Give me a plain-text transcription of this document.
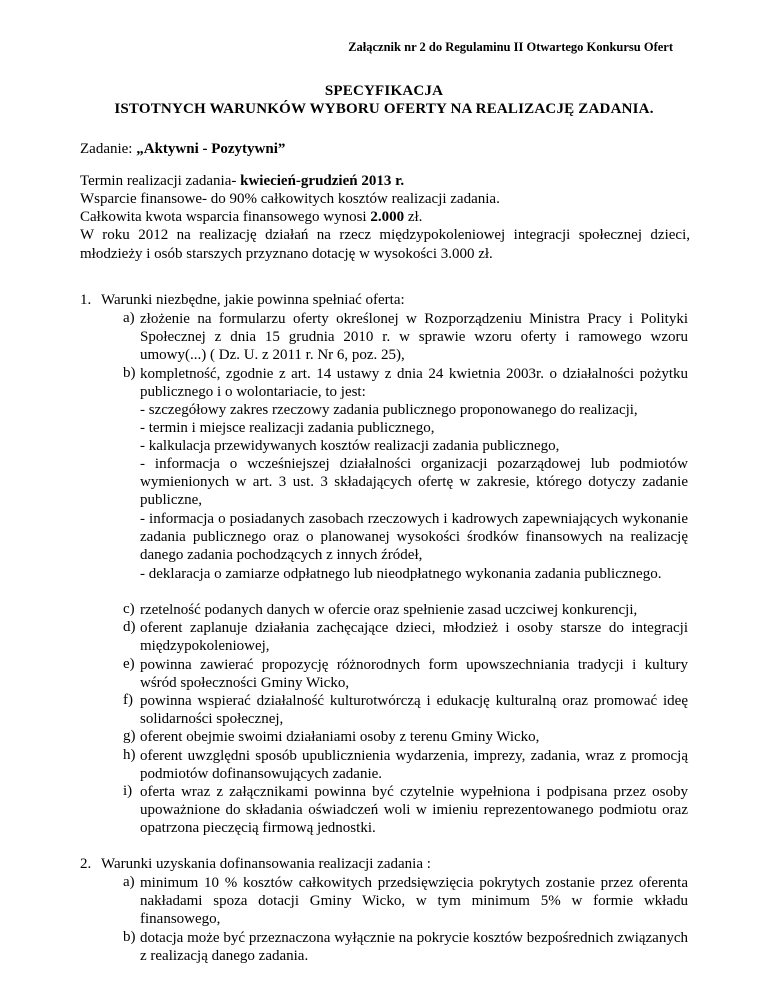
Załącznik nr 2 do Regulaminu II Otwartego Konkursu Ofert
SPECYFIKACJA
ISTOTNYCH WARUNKÓW WYBORU OFERTY NA REALIZACJĘ ZADANIA.
Zadanie: „Aktywni - Pozytywni”
Termin realizacji zadania- kwiecień-grudzień 2013 r.
Wsparcie finansowe- do 90% całkowitych kosztów realizacji zadania.
Całkowita kwota wsparcia finansowego wynosi 2.000 zł.
W roku 2012 na realizację działań na rzecz międzypokoleniowej integracji społecznej dzieci,
młodzieży i osób starszych przyznano dotację w wysokości 3.000 zł.
1. Warunki niezbędne, jakie powinna spełniać oferta:
a) złożenie na formularzu oferty określonej w Rozporządzeniu Ministra Pracy i Polityki Społecznej z dnia 15 grudnia 2010 r. w sprawie wzoru oferty i ramowego wzoru umowy(...) ( Dz. U. z 2011 r. Nr 6, poz. 25),
b) kompletność, zgodnie z art. 14 ustawy z dnia 24 kwietnia 2003r. o działalności pożytku publicznego i o wolontariacie, to jest:
- szczegółowy zakres rzeczowy zadania publicznego proponowanego do realizacji,
- termin i miejsce realizacji zadania publicznego,
- kalkulacja przewidywanych kosztów realizacji zadania publicznego,
- informacja o wcześniejszej działalności organizacji pozarządowej lub podmiotów wymienionych w art. 3 ust. 3 składających ofertę w zakresie, którego dotyczy zadanie publiczne,
- informacja o posiadanych zasobach rzeczowych i kadrowych zapewniających wykonanie zadania publicznego oraz o planowanej wysokości środków finansowych na realizację danego zadania pochodzących z innych źródeł,
- deklaracja o zamiarze odpłatnego lub nieodpłatnego wykonania zadania publicznego.
c) rzetelność podanych danych w ofercie oraz spełnienie zasad uczciwej konkurencji,
d) oferent zaplanuje działania zachęcające dzieci, młodzież i osoby starsze do integracji międzypokoleniowej,
e) powinna zawierać propozycję różnorodnych form upowszechniania tradycji i kultury wśród społeczności Gminy Wicko,
f) powinna wspierać działalność kulturotwórczą i edukację kulturalną oraz promować ideę solidarności społecznej,
g) oferent obejmie swoimi działaniami osoby z terenu Gminy Wicko,
h) oferent uwzględni sposób upublicznienia wydarzenia, imprezy, zadania, wraz z promocją podmiotów dofinansowujących zadanie.
i) oferta wraz z załącznikami powinna być czytelnie wypełniona i podpisana przez osoby upoważnione do składania oświadczeń woli w imieniu reprezentowanego podmiotu oraz opatrzona pieczęcią firmową jednostki.
2. Warunki uzyskania dofinansowania realizacji zadania :
a) minimum 10 % kosztów całkowitych przedsięwzięcia pokrytych zostanie przez oferenta nakładami spoza dotacji Gminy Wicko, w tym minimum 5% w formie wkładu finansowego,
b) dotacja może być przeznaczona wyłącznie na pokrycie kosztów bezpośrednich związanych z realizacją danego zadania.
